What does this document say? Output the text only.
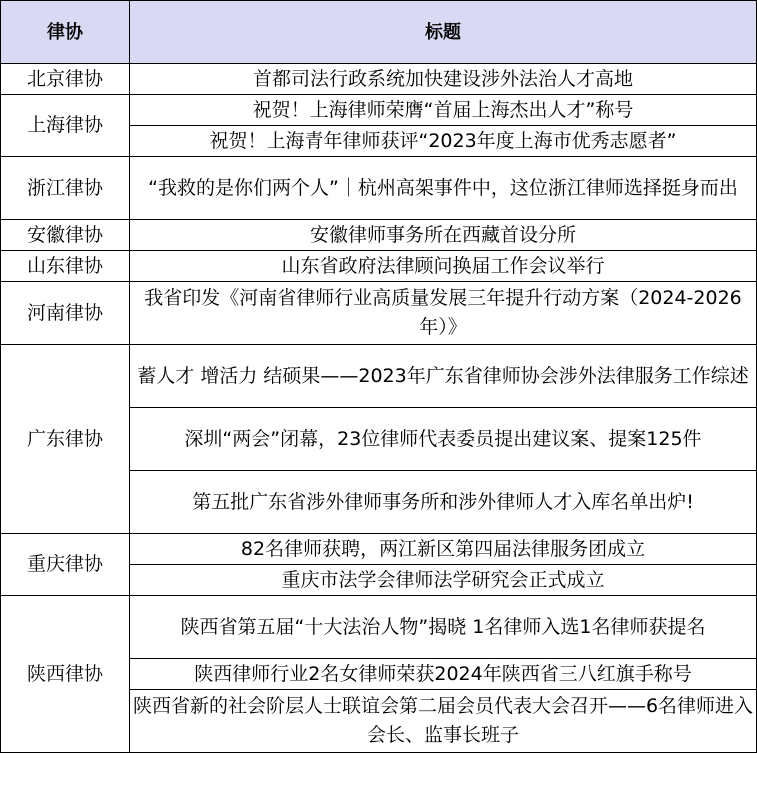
律协	标题
北京律协	首都司法行政系统加快建设涉外法治人才高地
上海律协	祝贺！上海律师荣膺“首届上海杰出人才”称号
	祝贺！上海青年律师获评“2023年度上海市优秀志愿者”
浙江律协	“我救的是你们两个人”｜杭州高架事件中，这位浙江律师选择挺身而出
安徽律协	安徽律师事务所在西藏首设分所
山东律协	山东省政府法律顾问换届工作会议举行
河南律协	我省印发《河南省律师行业高质量发展三年提升行动方案（2024-2026年）》
广东律协	蓄人才 增活力 结硕果——2023年广东省律师协会涉外法律服务工作综述
	深圳“两会”闭幕，23位律师代表委员提出建议案、提案125件
	第五批广东省涉外律师事务所和涉外律师人才入库名单出炉!
重庆律协	82名律师获聘，两江新区第四届法律服务团成立
	重庆市法学会律师法学研究会正式成立
陕西律协	陕西省第五届“十大法治人物”揭晓 1名律师入选1名律师获提名
	陕西律师行业2名女律师荣获2024年陕西省三八红旗手称号
	陕西省新的社会阶层人士联谊会第二届会员代表大会召开——6名律师进入会长、监事长班子
